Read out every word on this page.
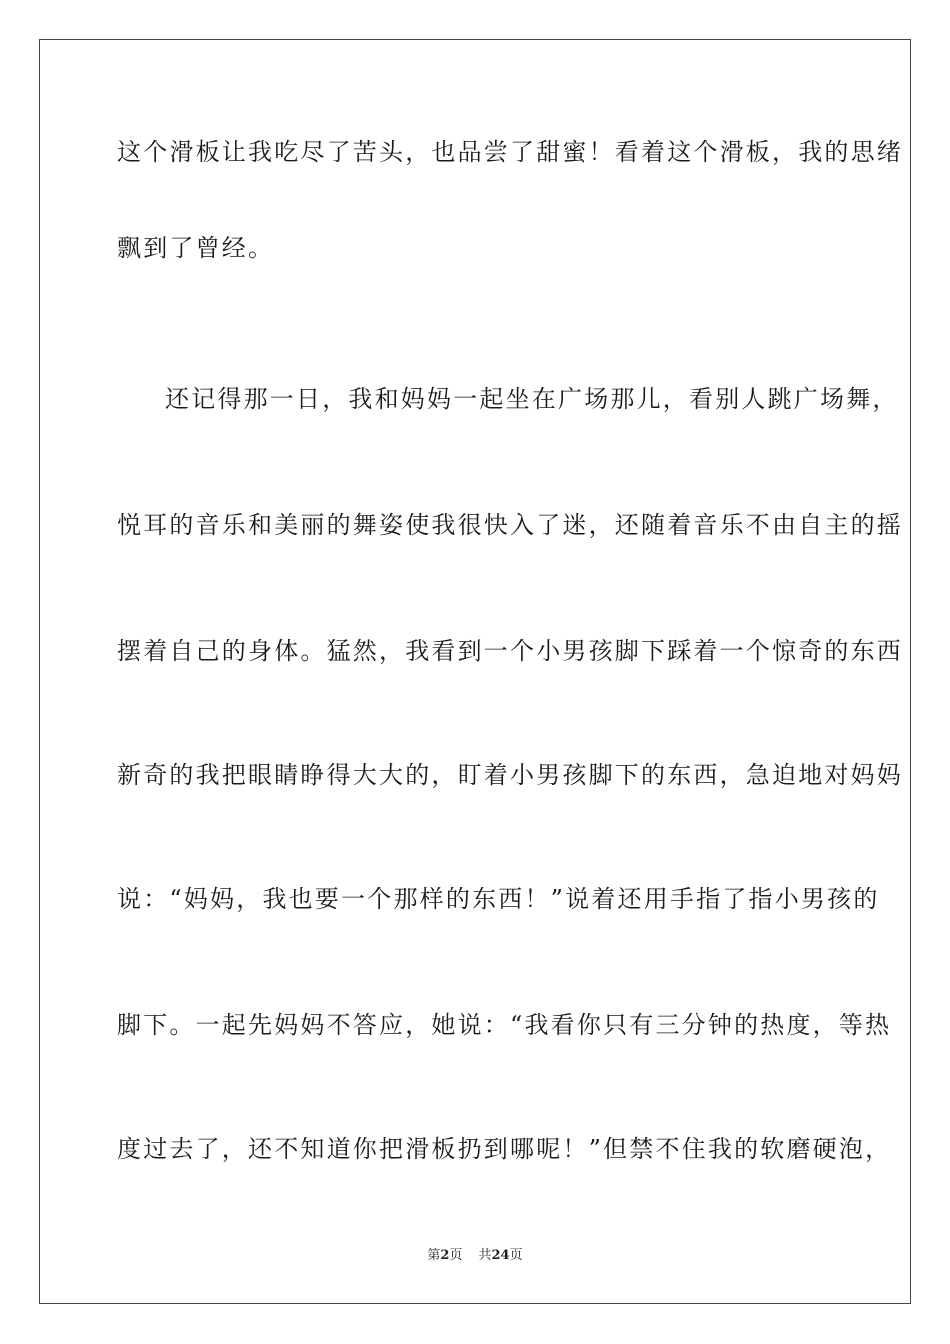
这个滑板让我吃尽了苦头，也品尝了甜蜜！看着这个滑板，我的思绪
飘到了曾经。
还记得那一日，我和妈妈一起坐在广场那儿，看别人跳广场舞，
悦耳的音乐和美丽的舞姿使我很快入了迷，还随着音乐不由自主的摇
摆着自己的身体。猛然，我看到一个小男孩脚下踩着一个惊奇的东西
新奇的我把眼睛睁得大大的，盯着小男孩脚下的东西，急迫地对妈妈
说：“妈妈，我也要一个那样的东西！”说着还用手指了指小男孩的
脚下。一起先妈妈不答应，她说：“我看你只有三分钟的热度，等热
度过去了，还不知道你把滑板扔到哪呢！”但禁不住我的软磨硬泡，
第2页 共24页
